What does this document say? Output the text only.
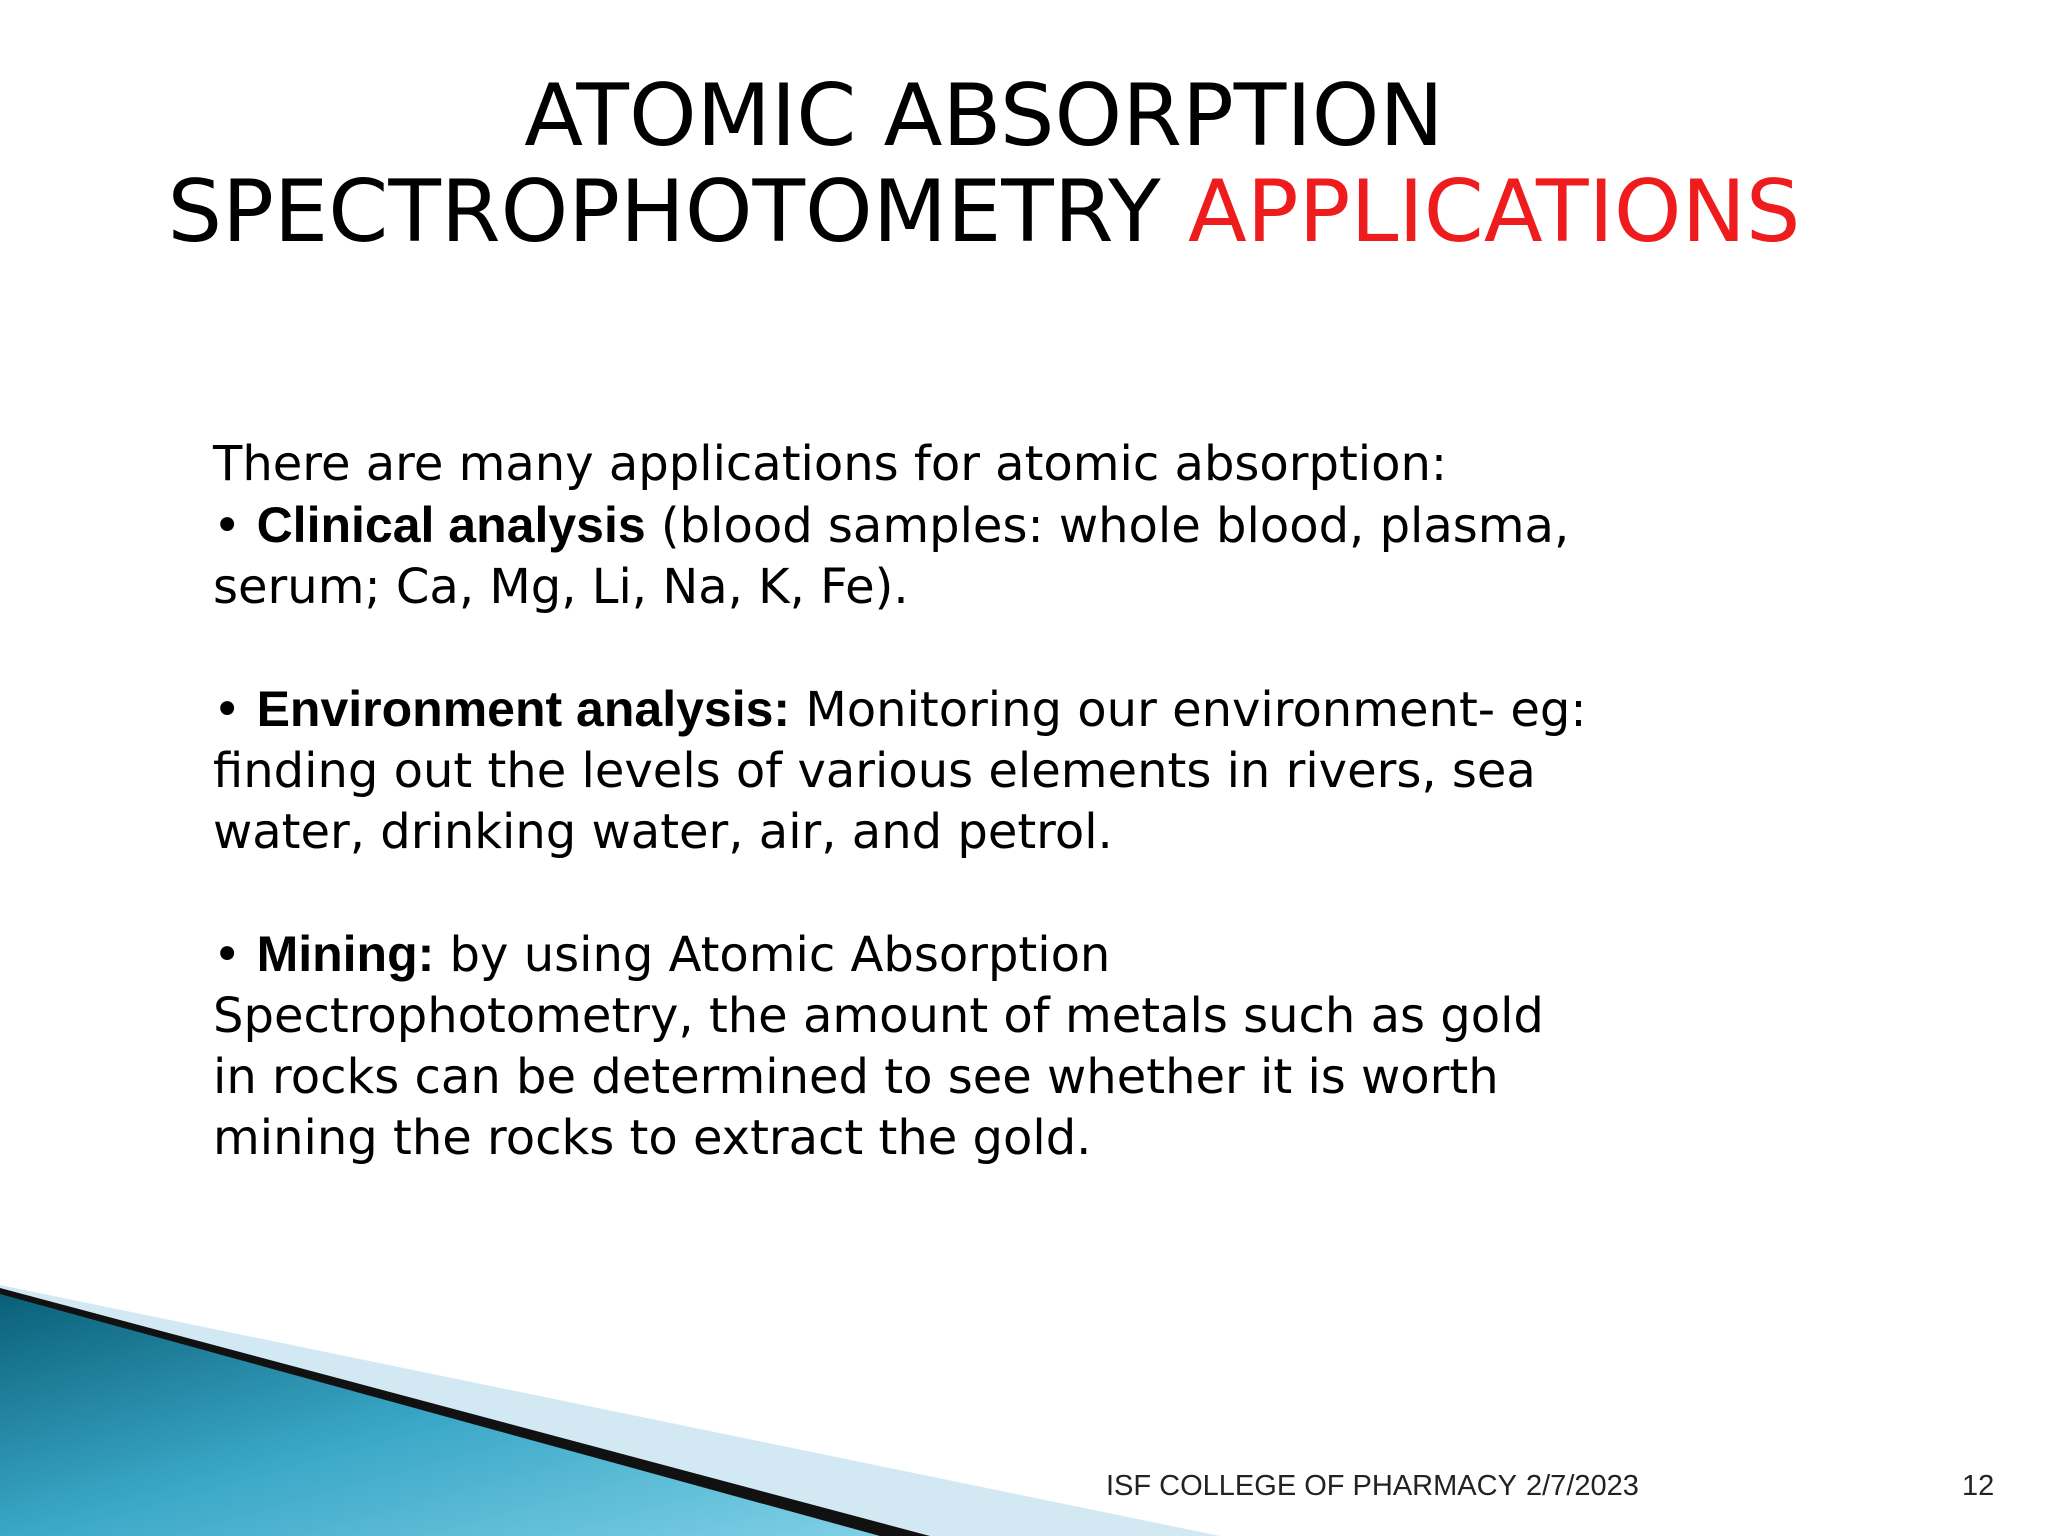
ATOMIC ABSORPTION
SPECTROPHOTOMETRY APPLICATIONS

There are many applications for atomic absorption:

• Clinical analysis (blood samples: whole blood, plasma,

serum; Ca, Mg, Li, Na, K, Fe).

• Environment analysis: Monitoring our environment- eg:

finding out the levels of various elements in rivers, sea

water, drinking water, air, and petrol.

• Mining: by using Atomic Absorption

Spectrophotometry, the amount of metals such as gold

in rocks can be determined to see whether it is worth

mining the rocks to extract the gold.

ISF COLLEGE OF PHARMACY 2/7/2023	12
